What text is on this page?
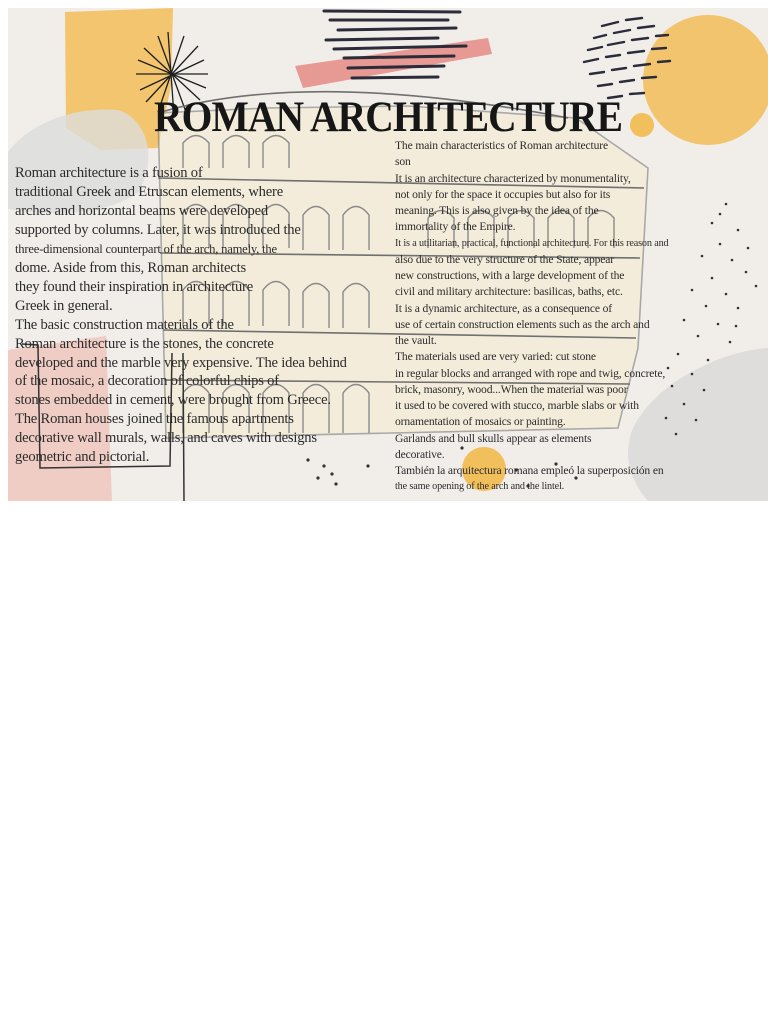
ROMAN ARCHITECTURE
Roman architecture is a fusion of
traditional Greek and Etruscan elements, where
arches and horizontal beams were developed
supported by columns. Later, it was introduced the
three-dimensional counterpart of the arch, namely, the
dome. Aside from this, Roman architects
they found their inspiration in architecture
Greek in general.
The basic construction materials of the
Roman architecture is the stones, the concrete
developed and the marble very expensive. The idea behind
of the mosaic, a decoration of colorful chips of
stones embedded in cement, were brought from Greece.
The Roman houses joined the famous apartments
decorative wall murals, walls, and caves with designs
geometric and pictorial.
The main characteristics of Roman architecture
son
It is an architecture characterized by monumentality,
not only for the space it occupies but also for its
meaning. This is also given by the idea of the
immortality of the Empire.
It is a utilitarian, practical, functional architecture. For this reason and
also due to the very structure of the State, appear
new constructions, with a large development of the
civil and military architecture: basilicas, baths, etc.
It is a dynamic architecture, as a consequence of
use of certain construction elements such as the arch and
the vault.
The materials used are very varied: cut stone
in regular blocks and arranged with rope and twig, concrete,
brick, masonry, wood...When the material was poor
it used to be covered with stucco, marble slabs or with
ornamentation of mosaics or painting.
Garlands and bull skulls appear as elements
decorative.
También la arquitectura romana empleó la superposición en
the same opening of the arch and the lintel.
